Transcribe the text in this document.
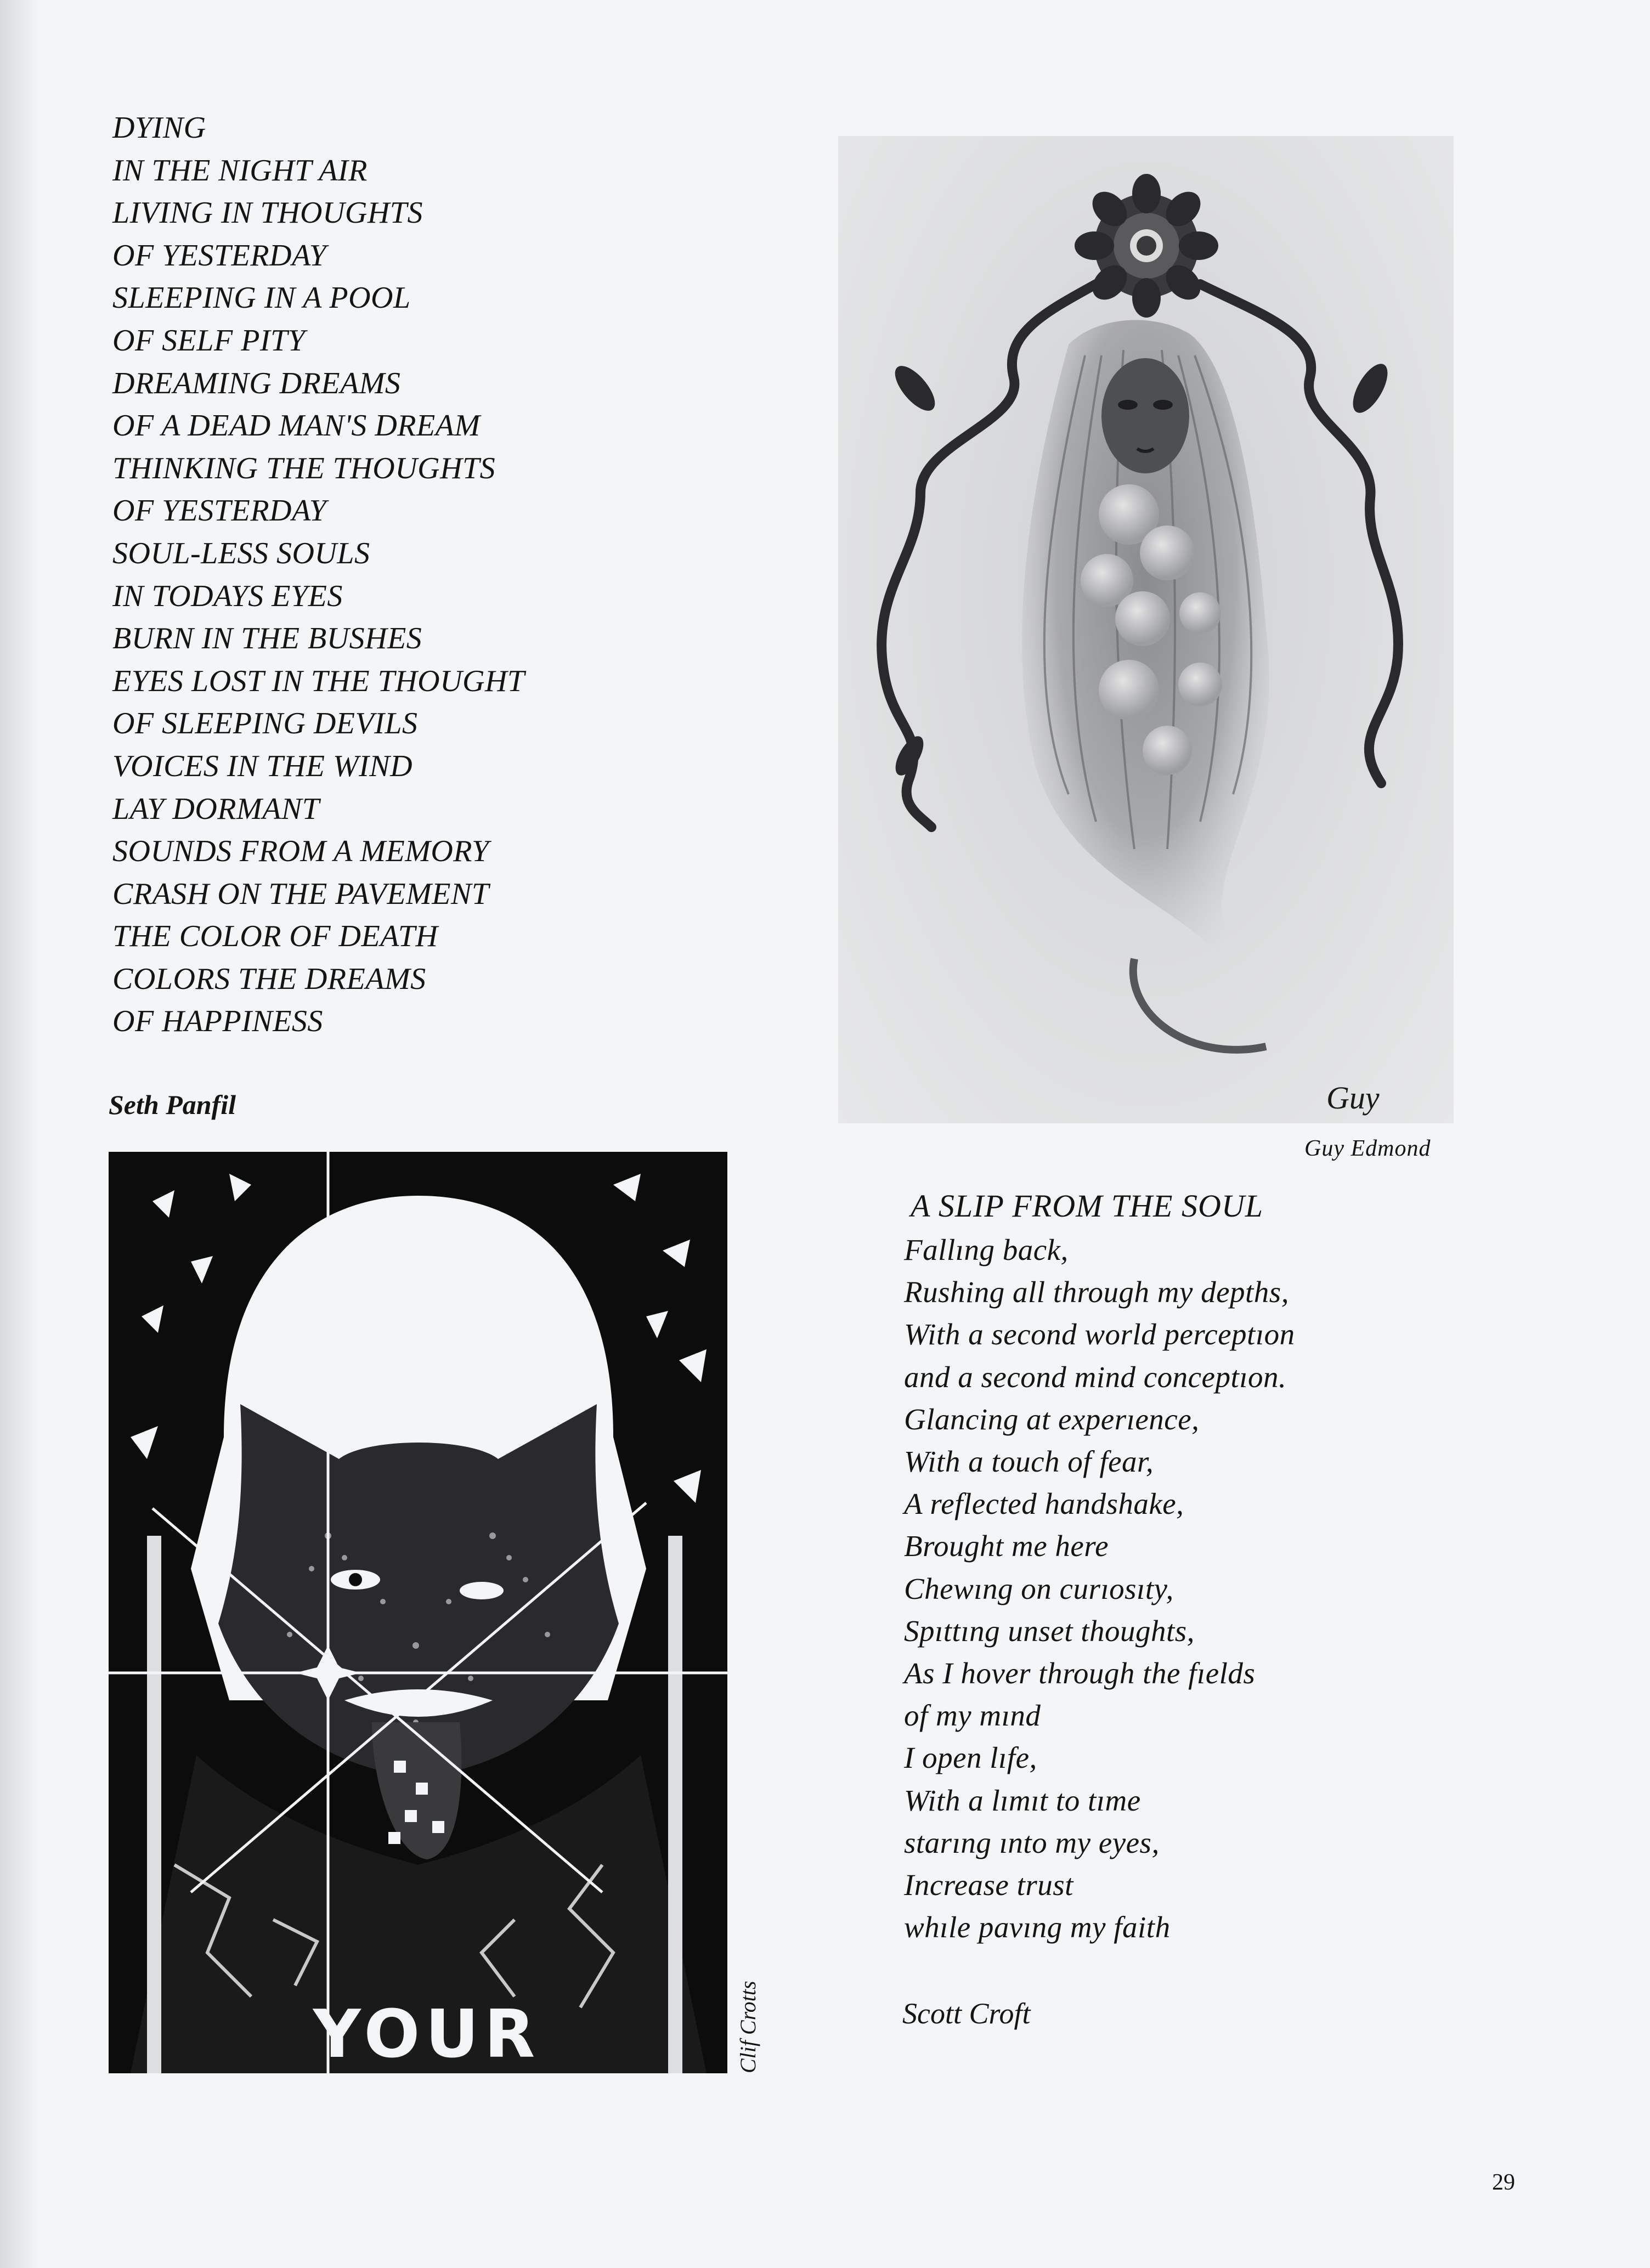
DYING
IN THE NIGHT AIR
LIVING IN THOUGHTS
OF YESTERDAY
SLEEPING IN A POOL
OF SELF PITY
DREAMING DREAMS
OF A DEAD MAN'S DREAM
THINKING THE THOUGHTS
OF YESTERDAY
SOUL-LESS SOULS
IN TODAYS EYES
BURN IN THE BUSHES
EYES LOST IN THE THOUGHT
OF SLEEPING DEVILS
VOICES IN THE WIND
LAY DORMANT
SOUNDS FROM A MEMORY
CRASH ON THE PAVEMENT
THE COLOR OF DEATH
COLORS THE DREAMS
OF HAPPINESS
Seth Panfil	Guy
Guy Edmond
YOUR MIND
Clif Crotts
A SLIP FROM THE SOUL
Fallıng back,
Rushing all through my depths,
With a second world perceptıon
and a second mind conceptıon.
Glancing at experıence,
With a touch of fear,
A reflected handshake,
Brought me here
Chewıng on curıosıty,
Spıttıng unset thoughts,
As I hover through the fıelds
of my mınd
I open lıfe,
With a lımıt to tıme
starıng ınto my eyes,
Increase trust
whıle pavıng my faith
Scott Croft
29
